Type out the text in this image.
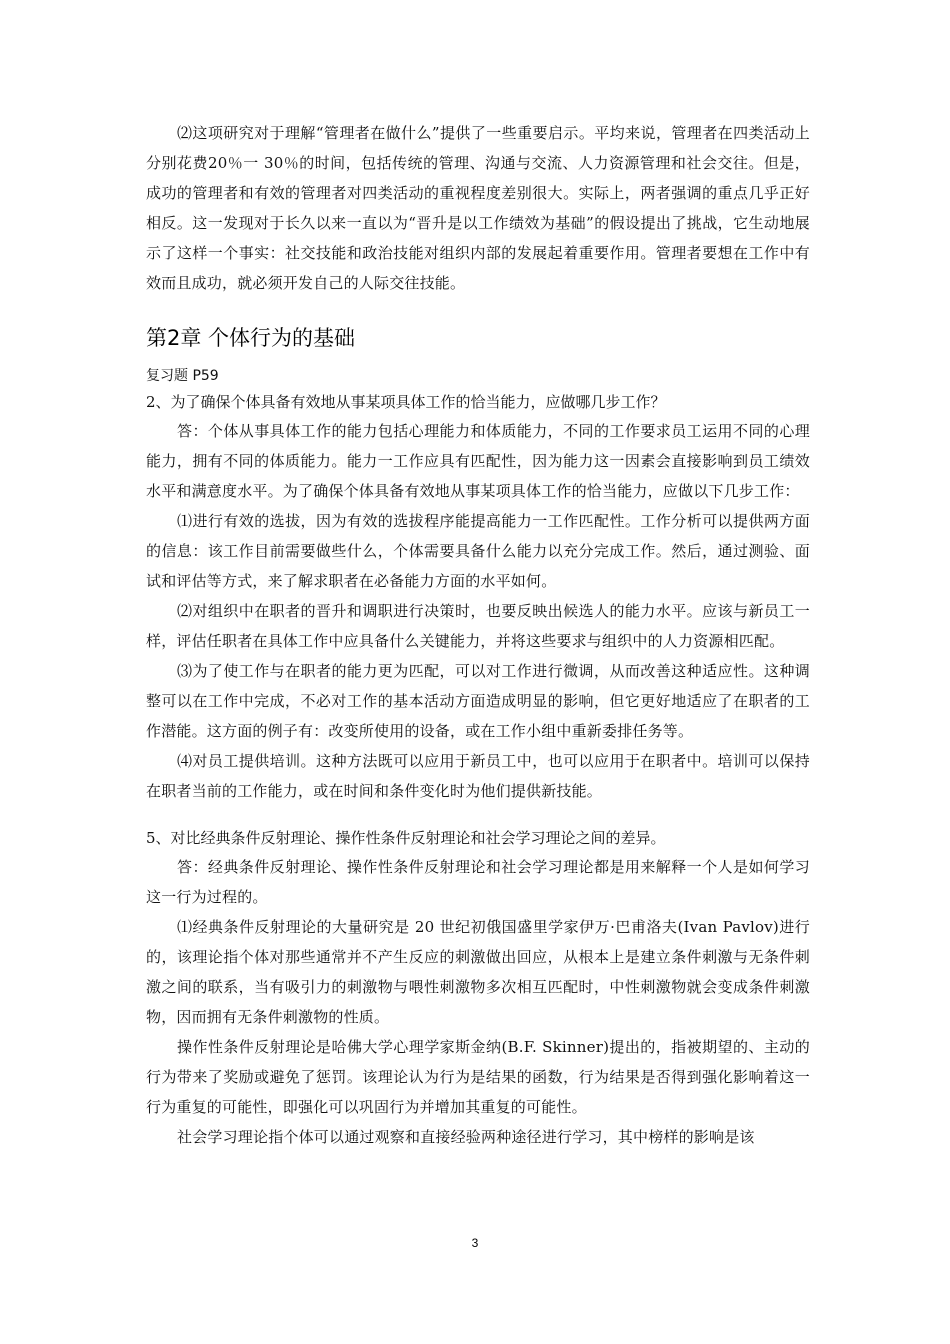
⑵这项研究对于理解“管理者在做什么”提供了一些重要启示。平均来说，管理者在四类活动上分别花费20％一 30％的时间，包括传统的管理、沟通与交流、人力资源管理和社会交往。但是，成功的管理者和有效的管理者对四类活动的重视程度差别很大。实际上，两者强调的重点几乎正好相反。这一发现对于长久以来一直以为“晋升是以工作绩效为基础”的假设提出了挑战，它生动地展示了这样一个事实：社交技能和政治技能对组织内部的发展起着重要作用。管理者要想在工作中有效而且成功，就必须开发自己的人际交往技能。

第2章 个体行为的基础

复习题 P59

2、为了确保个体具备有效地从事某项具体工作的恰当能力，应做哪几步工作？

答：个体从事具体工作的能力包括心理能力和体质能力，不同的工作要求员工运用不同的心理能力，拥有不同的体质能力。能力一工作应具有匹配性，因为能力这一因素会直接影响到员工绩效水平和满意度水平。为了确保个体具备有效地从事某项具体工作的恰当能力，应做以下几步工作：

⑴进行有效的选拔，因为有效的选拔程序能提高能力一工作匹配性。工作分析可以提供两方面的信息：该工作目前需要做些什么，个体需要具备什么能力以充分完成工作。然后，通过测验、面试和评估等方式，来了解求职者在必备能力方面的水平如何。

⑵对组织中在职者的晋升和调职进行决策时，也要反映出候选人的能力水平。应该与新员工一样，评估任职者在具体工作中应具备什么关键能力，并将这些要求与组织中的人力资源相匹配。

⑶为了使工作与在职者的能力更为匹配，可以对工作进行微调，从而改善这种适应性。这种调整可以在工作中完成，不必对工作的基本活动方面造成明显的影响，但它更好地适应了在职者的工作潜能。这方面的例子有：改变所使用的设备，或在工作小组中重新委排任务等。

⑷对员工提供培训。这种方法既可以应用于新员工中，也可以应用于在职者中。培训可以保持在职者当前的工作能力，或在时间和条件变化时为他们提供新技能。

5、对比经典条件反射理论、操作性条件反射理论和社会学习理论之间的差异。

答：经典条件反射理论、操作性条件反射理论和社会学习理论都是用来解释一个人是如何学习这一行为过程的。

⑴经典条件反射理论的大量研究是 20 世纪初俄国盛里学家伊万·巴甫洛夫(Ivan Pavlov)进行的，该理论指个体对那些通常并不产生反应的刺激做出回应，从根本上是建立条件刺激与无条件刺激之间的联系，当有吸引力的刺激物与喂性刺激物多次相互匹配时，中性刺激物就会变成条件刺激物，因而拥有无条件刺激物的性质。

操作性条件反射理论是哈佛大学心理学家斯金纳(B.F. Skinner)提出的，指被期望的、主动的行为带来了奖励或避免了惩罚。该理论认为行为是结果的函数，行为结果是否得到强化影响着这一行为重复的可能性，即强化可以巩固行为并增加其重复的可能性。

社会学习理论指个体可以通过观察和直接经验两种途径进行学习，其中榜样的影响是该

3
